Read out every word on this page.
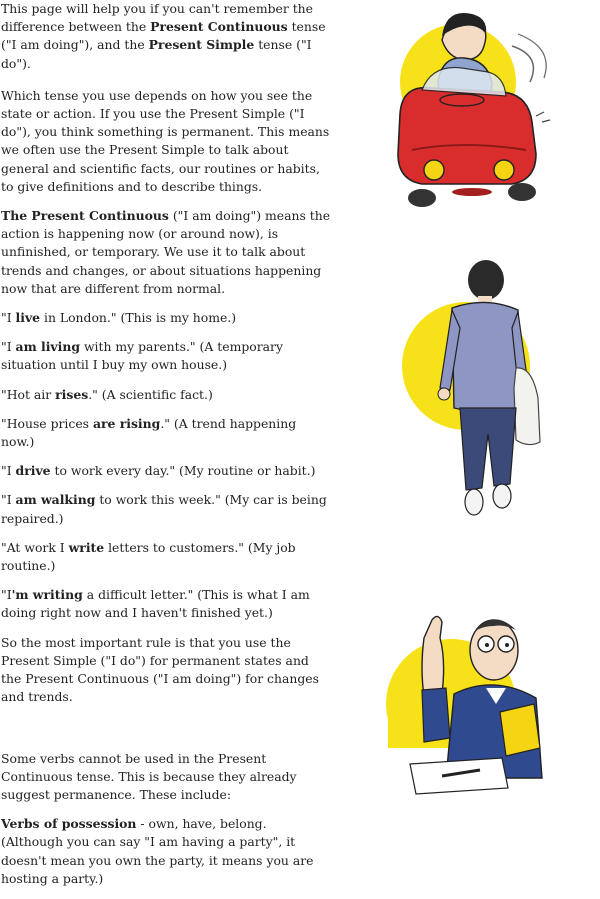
This page will help you if you can't remember the difference between the Present Continuous tense ("I am doing"), and the Present Simple tense ("I do").

Which tense you use depends on how you see the state or action. If you use the Present Simple ("I do"), you think something is permanent. This means we often use the Present Simple to talk about general and scientific facts, our routines or habits, to give definitions and to describe things.

The Present Continuous ("I am doing") means the action is happening now (or around now), is unfinished, or temporary. We use it to talk about trends and changes, or about situations happening now that are different from normal.

"I live in London." (This is my home.)

"I am living with my parents." (A temporary situation until I buy my own house.)

"Hot air rises." (A scientific fact.)

"House prices are rising." (A trend happening now.)

"I drive to work every day." (My routine or habit.)

"I am walking to work this week." (My car is being repaired.)

"At work I write letters to customers." (My job routine.)

"I'm writing a difficult letter." (This is what I am doing right now and I haven't finished yet.)

So the most important rule is that you use the Present Simple ("I do") for permanent states and the Present Continuous ("I am doing") for changes and trends.

Some verbs cannot be used in the Present Continuous tense. This is because they already suggest permanence. These include:

Verbs of possession - own, have, belong. (Although you can say "I am having a party", it doesn't mean you own the party, it means you are hosting a party.)
